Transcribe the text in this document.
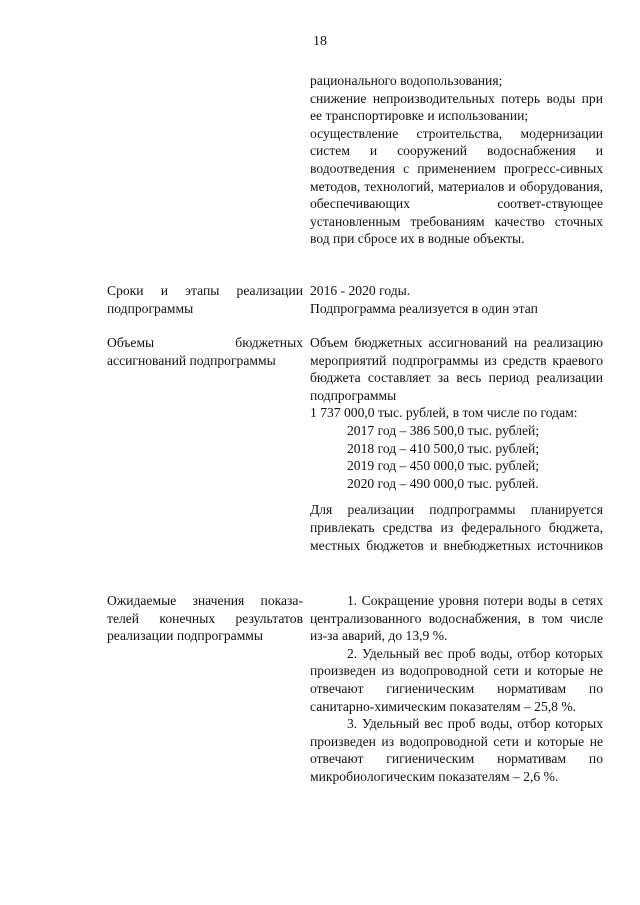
18

рационального водопользования;

снижение непроизводительных потерь воды при ее транспортировке и использовании;

осуществление строительства, модернизации систем и сооружений водоснабжения и водоотведения с применением прогресс-сивных методов, технологий, материалов и оборудования, обеспечивающих соответ-ствующее установленным требованиям качество сточных вод при сбросе их в водные объекты.

Сроки и этапы реализации подпрограммы

2016 - 2020 годы.

Подпрограмма реализуется в один этап

Объемы бюджетных ассигнований подпрограммы

Объем бюджетных ассигнований на реализацию мероприятий подпрограммы из средств краевого бюджета составляет за весь период реализации подпрограммы

1 737 000,0 тыс. рублей, в том числе по годам:

2017 год – 386 500,0 тыс. рублей;
2018 год – 410 500,0 тыс. рублей;
2019 год – 450 000,0 тыс. рублей;
2020 год – 490 000,0 тыс. рублей.

Для реализации подпрограммы планируется привлекать средства из федерального бюджета, местных бюджетов и внебюджетных источников

Ожидаемые значения показа-телей конечных результатов реализации подпрограммы

1. Сокращение уровня потери воды в сетях централизованного водоснабжения, в том числе из-за аварий, до 13,9 %.

2. Удельный вес проб воды, отбор которых произведен из водопроводной сети и которые не отвечают гигиеническим нормативам по санитарно-химическим показателям – 25,8 %.

3. Удельный вес проб воды, отбор которых произведен из водопроводной сети и которые не отвечают гигиеническим нормативам по микробиологическим показателям – 2,6 %.
